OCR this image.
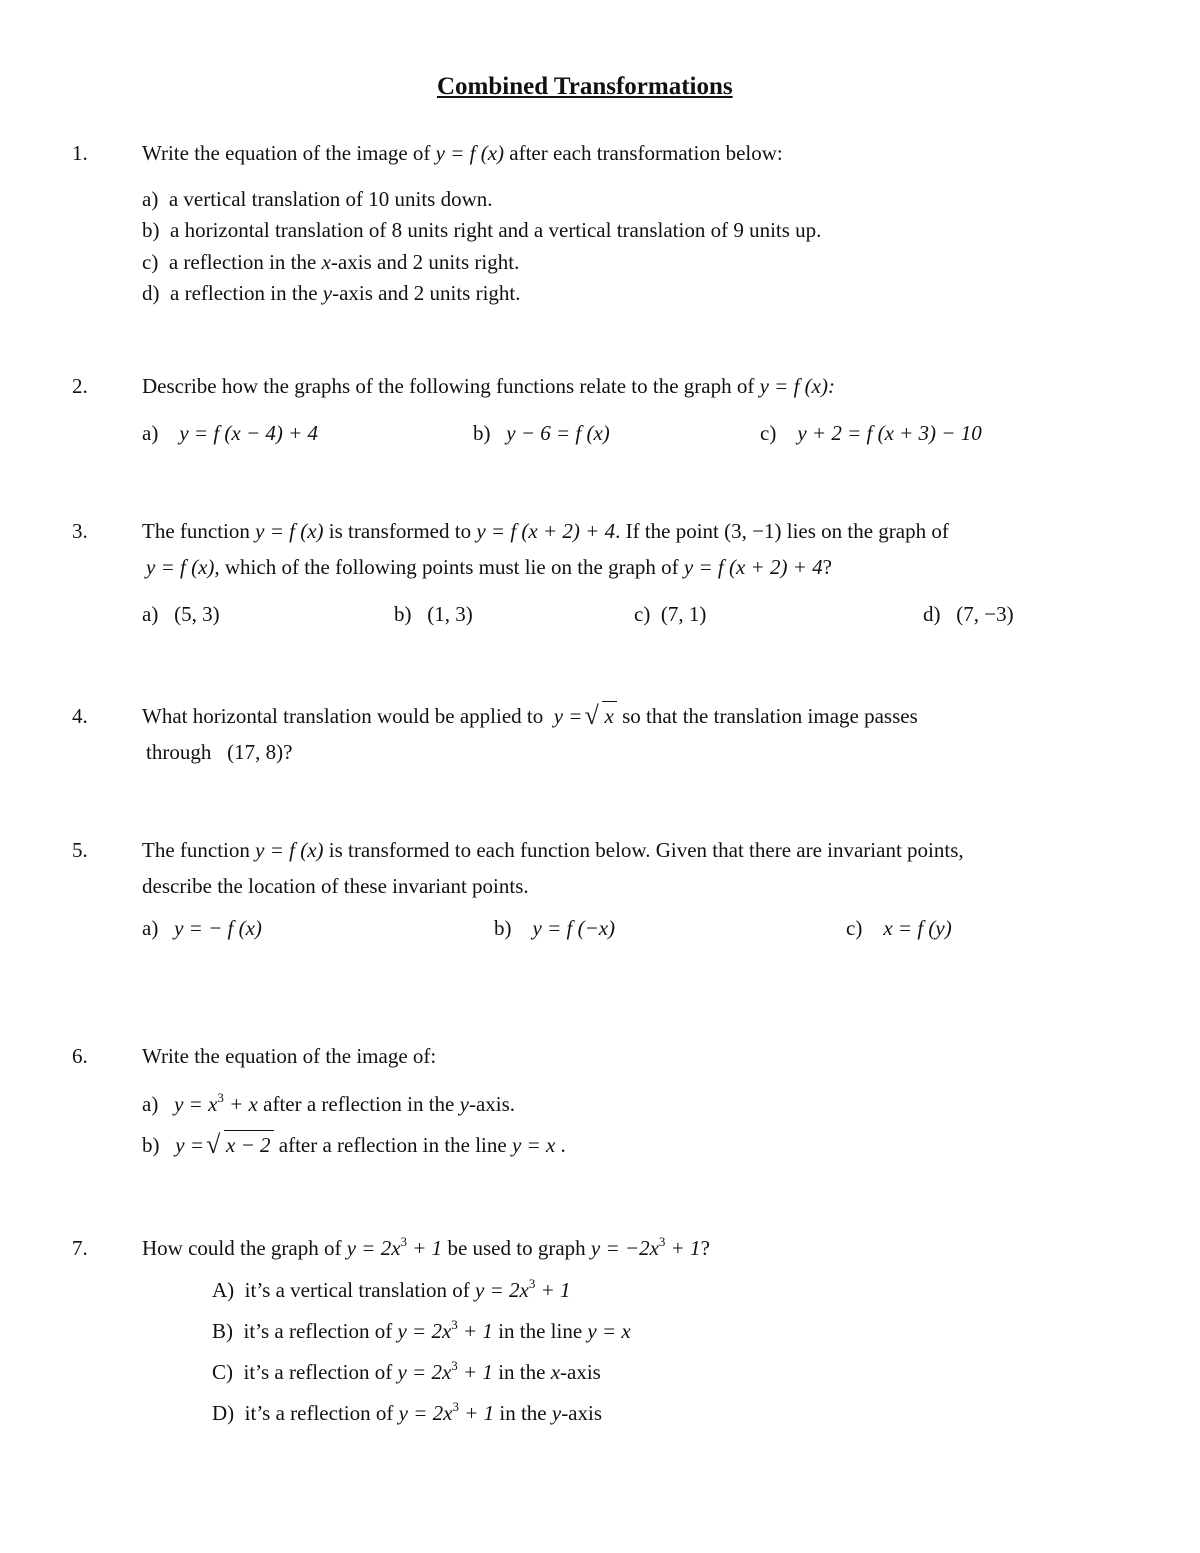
Combined Transformations
1.	Write the equation of the image of y = f (x) after each transformation below:
a) a vertical translation of 10 units down.
b) a horizontal translation of 8 units right and a vertical translation of 9 units up.
c) a reflection in the x-axis and 2 units right.
d) a reflection in the y-axis and 2 units right.
2.	Describe how the graphs of the following functions relate to the graph of y = f (x):
a) y = f (x − 4) + 4	b) y − 6 = f (x)	c) y + 2 = f (x + 3) − 10
3.	The function y = f (x) is transformed to y = f (x + 2) + 4. If the point (3, −1) lies on the graph of
y = f (x), which of the following points must lie on the graph of y = f (x + 2) + 4?
a) (5, 3)	b) (1, 3)	c) (7, 1)	d) (7, −3)
4.	What horizontal translation would be applied to  y = √ x so that the translation image passes
through   (17, 8)?
5.	The function y = f (x) is transformed to each function below. Given that there are invariant points,
describe the location of these invariant points.
a) y = − f (x)	b) y = f (−x)	c) x = f (y)
6.	Write the equation of the image of:
a) $y = x^3 + x$ after a reflection in the y-axis.
b) y = √ x − 2 after a reflection in the line y = x .
7.	How could the graph of $y = 2x^3 + 1$ be used to graph $y = -2x^3 + 1$?
A) it’s a vertical translation of $y = 2x^3 + 1$
B) it’s a reflection of $y = 2x^3 + 1$ in the line y = x
C) it’s a reflection of $y = 2x^3 + 1$ in the x-axis
D) it’s a reflection of $y = 2x^3 + 1$ in the y-axis
